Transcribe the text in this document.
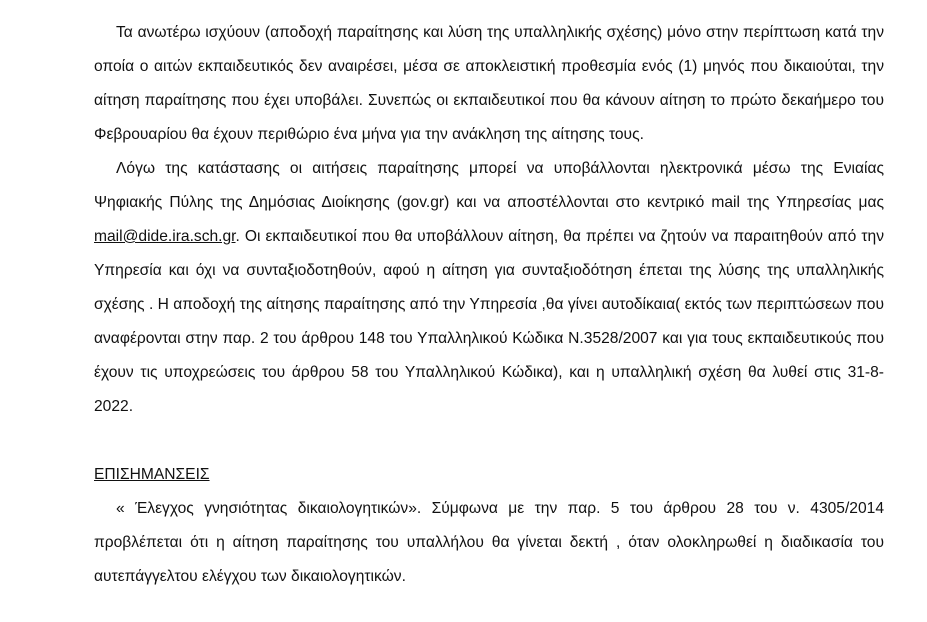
Τα ανωτέρω ισχύουν (αποδοχή παραίτησης και λύση της υπαλληλικής σχέσης) μόνο στην περίπτωση κατά την οποία ο αιτών εκπαιδευτικός δεν αναιρέσει, μέσα σε αποκλειστική προθεσμία ενός (1) μηνός που δικαιούται, την αίτηση παραίτησης που έχει υποβάλει. Συνεπώς οι εκπαιδευτικοί που θα κάνουν αίτηση το πρώτο δεκαήμερο του Φεβρουαρίου θα έχουν περιθώριο ένα μήνα για την ανάκληση της αίτησης τους.

Λόγω της κατάστασης οι αιτήσεις παραίτησης μπορεί να υποβάλλονται ηλεκτρονικά μέσω της Ενιαίας Ψηφιακής Πύλης της Δημόσιας Διοίκησης (gov.gr) και να αποστέλλονται στο κεντρικό mail της Υπηρεσίας μας mail@dide.ira.sch.gr. Οι εκπαιδευτικοί που θα υποβάλλουν αίτηση, θα πρέπει να ζητούν να παραιτηθούν από την Υπηρεσία και όχι να συνταξιοδοτηθούν, αφού η αίτηση για συνταξιοδότηση έπεται της λύσης της υπαλληλικής σχέσης . Η αποδοχή της αίτησης παραίτησης από την Υπηρεσία ,θα γίνει αυτοδίκαια( εκτός των περιπτώσεων που αναφέρονται στην παρ. 2 του άρθρου 148 του Υπαλληλικού Κώδικα Ν.3528/2007 και για τους εκπαιδευτικούς που έχουν τις υποχρεώσεις του άρθρου 58 του Υπαλληλικού Κώδικα), και η υπαλληλική σχέση θα λυθεί στις 31-8-2022.

ΕΠΙΣΗΜΑΝΣΕΙΣ

« Έλεγχος γνησιότητας δικαιολογητικών». Σύμφωνα με την παρ. 5 του άρθρου 28 του ν. 4305/2014 προβλέπεται ότι η αίτηση παραίτησης του υπαλλήλου θα γίνεται δεκτή , όταν ολοκληρωθεί η διαδικασία του αυτεπάγγελτου ελέγχου των δικαιολογητικών.
